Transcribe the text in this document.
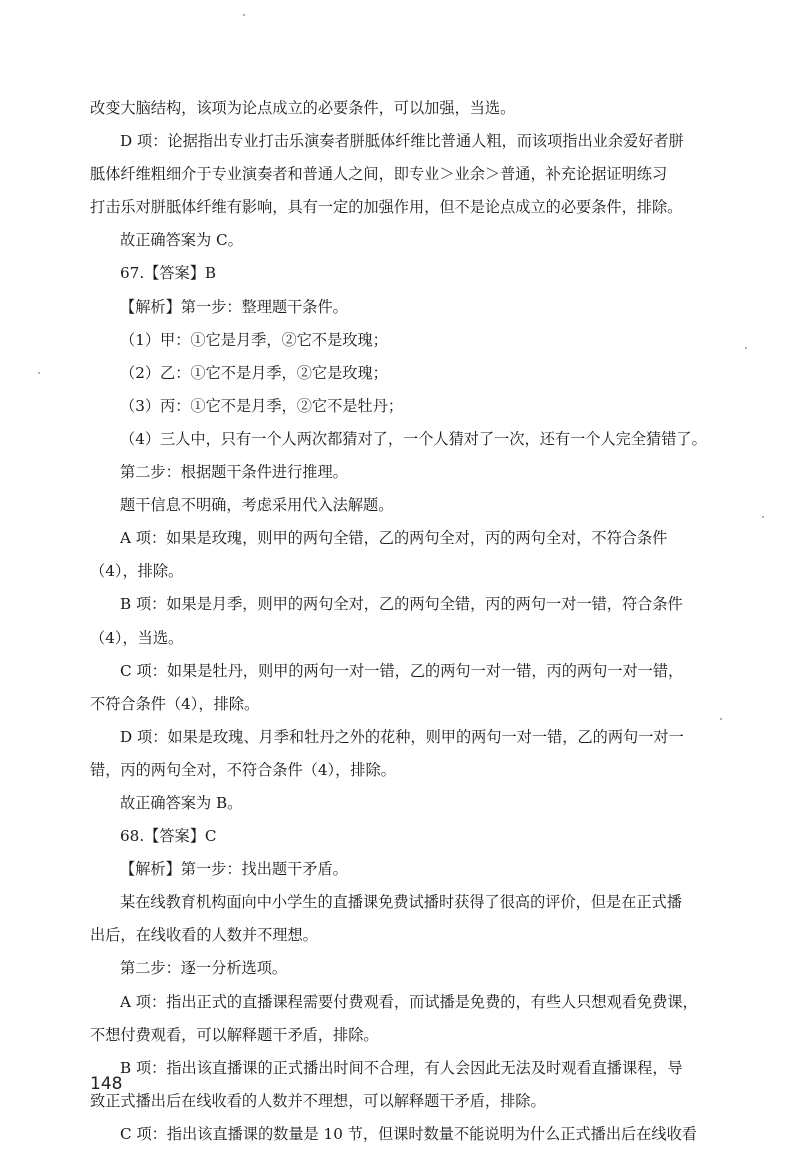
改变大脑结构，该项为论点成立的必要条件，可以加强，当选。
D 项：论据指出专业打击乐演奏者胼胝体纤维比普通人粗，而该项指出业余爱好者胼
胝体纤维粗细介于专业演奏者和普通人之间，即专业＞业余＞普通，补充论据证明练习
打击乐对胼胝体纤维有影响，具有一定的加强作用，但不是论点成立的必要条件，排除。
故正确答案为 C。
67.【答案】B
【解析】第一步：整理题干条件。
（1）甲：①它是月季，②它不是玫瑰；
（2）乙：①它不是月季，②它是玫瑰；
（3）丙：①它不是月季，②它不是牡丹；
（4）三人中，只有一个人两次都猜对了，一个人猜对了一次，还有一个人完全猜错了。
第二步：根据题干条件进行推理。
题干信息不明确，考虑采用代入法解题。
A 项：如果是玫瑰，则甲的两句全错，乙的两句全对，丙的两句全对，不符合条件
（4），排除。
B 项：如果是月季，则甲的两句全对，乙的两句全错，丙的两句一对一错，符合条件
（4），当选。
C 项：如果是牡丹，则甲的两句一对一错，乙的两句一对一错，丙的两句一对一错，
不符合条件（4），排除。
D 项：如果是玫瑰、月季和牡丹之外的花种，则甲的两句一对一错，乙的两句一对一
错，丙的两句全对，不符合条件（4），排除。
故正确答案为 B。
68.【答案】C
【解析】第一步：找出题干矛盾。
某在线教育机构面向中小学生的直播课免费试播时获得了很高的评价，但是在正式播
出后，在线收看的人数并不理想。
第二步：逐一分析选项。
A 项：指出正式的直播课程需要付费观看，而试播是免费的，有些人只想观看免费课，
不想付费观看，可以解释题干矛盾，排除。
B 项：指出该直播课的正式播出时间不合理，有人会因此无法及时观看直播课程，导
致正式播出后在线收看的人数并不理想，可以解释题干矛盾，排除。
C 项：指出该直播课的数量是 10 节，但课时数量不能说明为什么正式播出后在线收看
148
